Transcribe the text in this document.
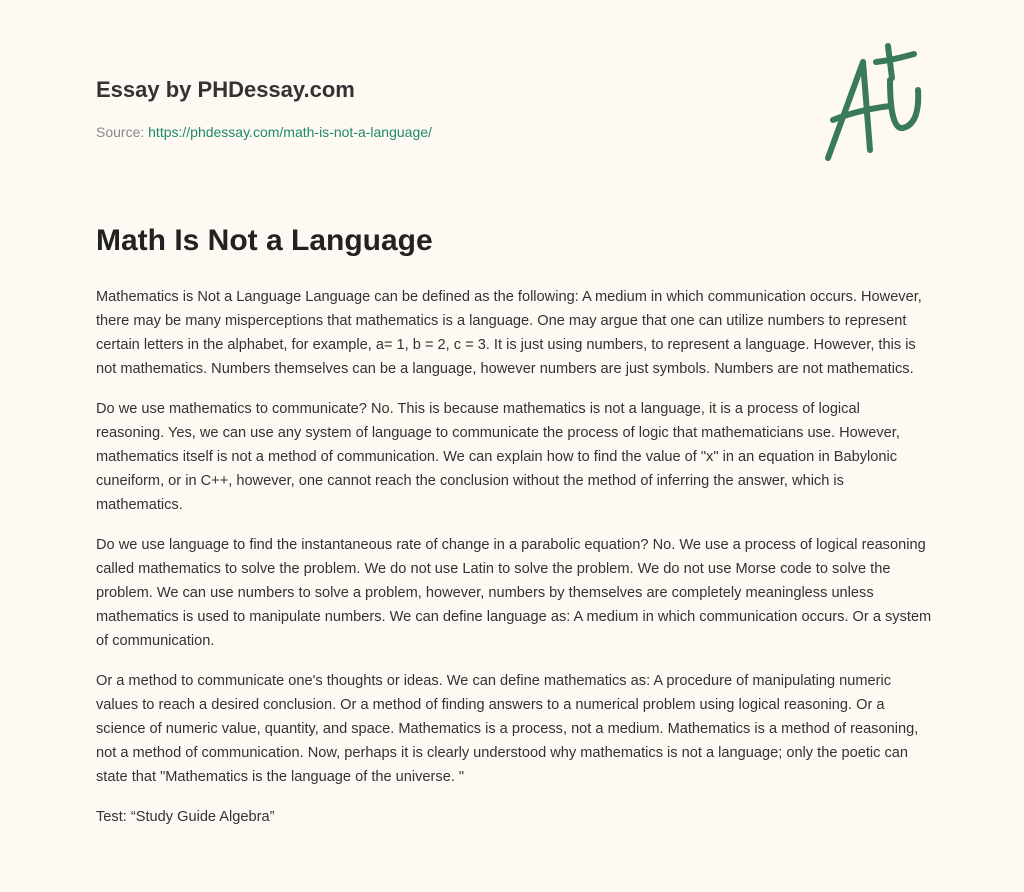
Essay by PHDessay.com
Source: https://phdessay.com/math-is-not-a-language/
Math Is Not a Language

Mathematics is Not a Language Language can be defined as the following: A medium in which communication occurs. However, there may be many misperceptions that mathematics is a language. One may argue that one can utilize numbers to represent certain letters in the alphabet, for example, a= 1, b = 2, c = 3. It is just using numbers, to represent a language. However, this is not mathematics. Numbers themselves can be a language, however numbers are just symbols. Numbers are not mathematics.

Do we use mathematics to communicate? No. This is because mathematics is not a language, it is a process of logical reasoning. Yes, we can use any system of language to communicate the process of logic that mathematicians use. However, mathematics itself is not a method of communication. We can explain how to find the value of "x" in an equation in Babylonic cuneiform, or in C++, however, one cannot reach the conclusion without the method of inferring the answer, which is mathematics.

Do we use language to find the instantaneous rate of change in a parabolic equation? No. We use a process of logical reasoning called mathematics to solve the problem. We do not use Latin to solve the problem. We do not use Morse code to solve the problem. We can use numbers to solve a problem, however, numbers by themselves are completely meaningless unless mathematics is used to manipulate numbers. We can define language as: A medium in which communication occurs. Or a system of communication.

Or a method to communicate one's thoughts or ideas. We can define mathematics as: A procedure of manipulating numeric values to reach a desired conclusion. Or a method of finding answers to a numerical problem using logical reasoning. Or a science of numeric value, quantity, and space. Mathematics is a process, not a medium. Mathematics is a method of reasoning, not a method of communication. Now, perhaps it is clearly understood why mathematics is not a language; only the poetic can state that "Mathematics is the language of the universe. "

Test: “Study Guide Algebra”
